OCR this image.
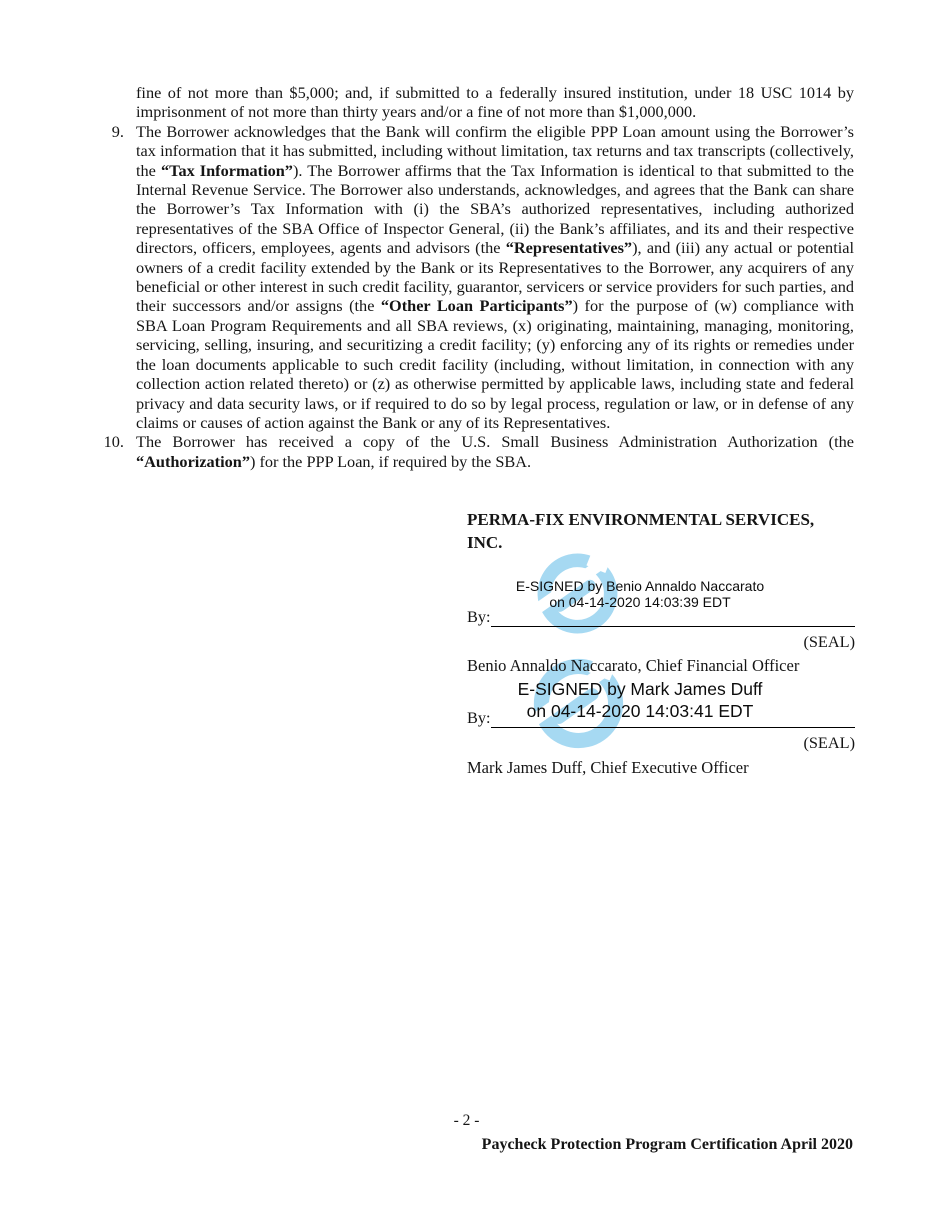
fine of not more than $5,000; and, if submitted to a federally insured institution, under 18 USC 1014 by imprisonment of not more than thirty years and/or a fine of not more than $1,000,000.

9. The Borrower acknowledges that the Bank will confirm the eligible PPP Loan amount using the Borrower’s tax information that it has submitted, including without limitation, tax returns and tax transcripts (collectively, the “Tax Information”). The Borrower affirms that the Tax Information is identical to that submitted to the Internal Revenue Service. The Borrower also understands, acknowledges, and agrees that the Bank can share the Borrower’s Tax Information with (i) the SBA’s authorized representatives, including authorized representatives of the SBA Office of Inspector General, (ii) the Bank’s affiliates, and its and their respective directors, officers, employees, agents and advisors (the “Representatives”), and (iii) any actual or potential owners of a credit facility extended by the Bank or its Representatives to the Borrower, any acquirers of any beneficial or other interest in such credit facility, guarantor, servicers or service providers for such parties, and their successors and/or assigns (the “Other Loan Participants”) for the purpose of (w) compliance with SBA Loan Program Requirements and all SBA reviews, (x) originating, maintaining, managing, monitoring, servicing, selling, insuring, and securitizing a credit facility; (y) enforcing any of its rights or remedies under the loan documents applicable to such credit facility (including, without limitation, in connection with any collection action related thereto) or (z) as otherwise permitted by applicable laws, including state and federal privacy and data security laws, or if required to do so by legal process, regulation or law, or in defense of any claims or causes of action against the Bank or any of its Representatives.
10. The Borrower has received a copy of the U.S. Small Business Administration Authorization (the “Authorization”) for the PPP Loan, if required by the SBA.
PERMA-FIX ENVIRONMENTAL SERVICES,
INC.
E-SIGNED by Benio Annaldo Naccarato
on 04-14-2020 14:03:39 EDT
By:
(SEAL)
Benio Annaldo Naccarato, Chief Financial Officer
E-SIGNED by Mark James Duff
on 04-14-2020 14:03:41 EDT
By:
(SEAL)
Mark James Duff, Chief Executive Officer
- 2 -
Paycheck Protection Program Certification April 2020
